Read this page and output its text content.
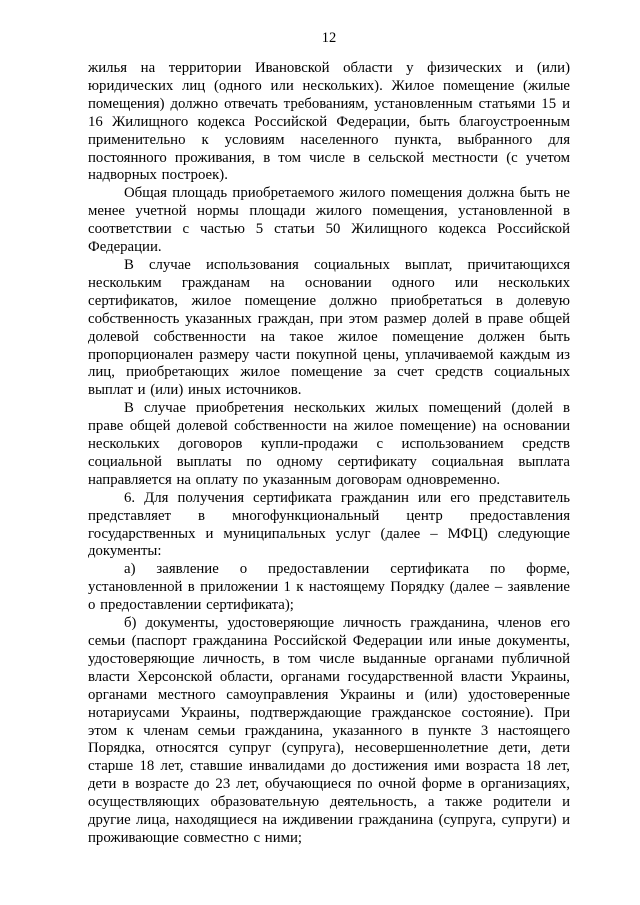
12

жилья на территории Ивановской области у физических и (или) юридических лиц (одного или нескольких). Жилое помещение (жилые помещения) должно отвечать требованиям, установленным статьями 15 и 16 Жилищного кодекса Российской Федерации, быть благоустроенным применительно к условиям населенного пункта, выбранного для постоянного проживания, в том числе в сельской местности (с учетом надворных построек).

Общая площадь приобретаемого жилого помещения должна быть не менее учетной нормы площади жилого помещения, установленной в соответствии с частью 5 статьи 50 Жилищного кодекса Российской Федерации.

В случае использования социальных выплат, причитающихся нескольким гражданам на основании одного или нескольких сертификатов, жилое помещение должно приобретаться в долевую собственность указанных граждан, при этом размер долей в праве общей долевой собственности на такое жилое помещение должен быть пропорционален размеру части покупной цены, уплачиваемой каждым из лиц, приобретающих жилое помещение за счет средств социальных выплат и (или) иных источников.

В случае приобретения нескольких жилых помещений (долей в праве общей долевой собственности на жилое помещение) на основании нескольких договоров купли-продажи с использованием средств социальной выплаты по одному сертификату социальная выплата направляется на оплату по указанным договорам одновременно.

6. Для получения сертификата гражданин или его представитель представляет в многофункциональный центр предоставления государственных и муниципальных услуг (далее – МФЦ) следующие документы:

а) заявление о предоставлении сертификата по форме, установленной в приложении 1 к настоящему Порядку (далее – заявление о предоставлении сертификата);

б) документы, удостоверяющие личность гражданина, членов его семьи (паспорт гражданина Российской Федерации или иные документы, удостоверяющие личность, в том числе выданные органами публичной власти Херсонской области, органами государственной власти Украины, органами местного самоуправления Украины и (или) удостоверенные нотариусами Украины, подтверждающие гражданское состояние). При этом к членам семьи гражданина, указанного в пункте 3 настоящего Порядка, относятся супруг (супруга), несовершеннолетние дети, дети старше 18 лет, ставшие инвалидами до достижения ими возраста 18 лет, дети в возрасте до 23 лет, обучающиеся по очной форме в организациях, осуществляющих образовательную деятельность, а также родители и другие лица, находящиеся на иждивении гражданина (супруга, супруги) и проживающие совместно с ними;
